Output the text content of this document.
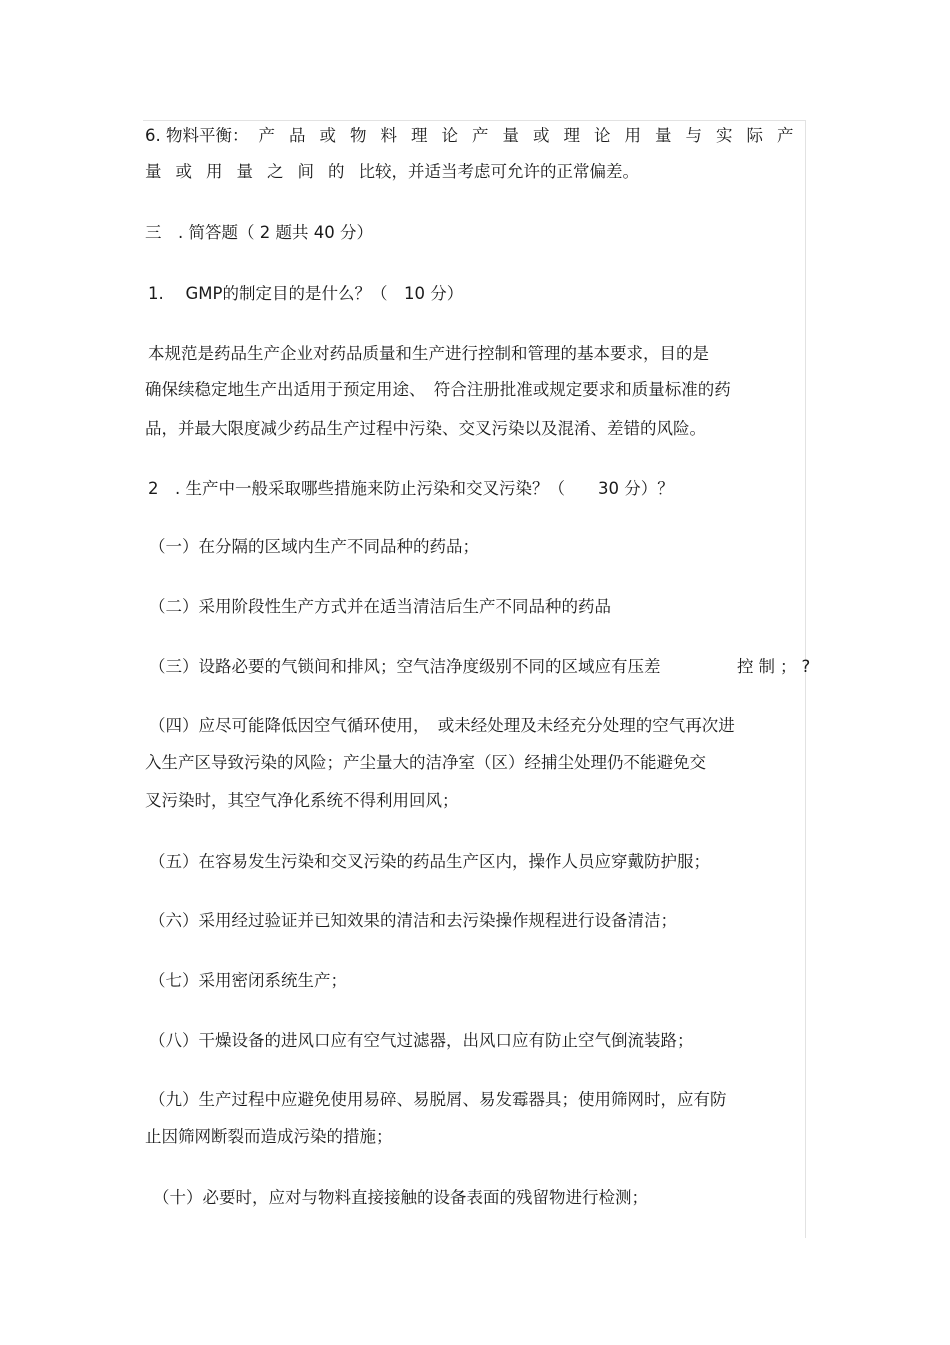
6. 物料平衡： 产品或物料理论产量或理论用量与实际产
量或用量之间的比较，并适当考虑可允许的正常偏差。
三　. 简答题（ 2 题共 40 分）
1.　 GMP的制定目的是什么？（　10 分）
本规范是药品生产企业对药品质量和生产进行控制和管理的基本要求，目的是
确保续稳定地生产出适用于预定用途、　符合注册批准或规定要求和质量标准的药
品，并最大限度减少药品生产过程中污染、交叉污染以及混淆、差错的风险。
2　. 生产中一般采取哪些措施来防止污染和交叉污染？（　　30 分）？
（一）在分隔的区域内生产不同品种的药品；
（二）采用阶段性生产方式并在适当清洁后生产不同品种的药品
（三）设路必要的气锁间和排风；空气洁净度级别不同的区域应有压差	控制；?
（四）应尽可能降低因空气循环使用，　或未经处理及未经充分处理的空气再次进
入生产区导致污染的风险；产尘量大的洁净室（区）经捕尘处理仍不能避免交
叉污染时，其空气净化系统不得利用回风；
（五）在容易发生污染和交叉污染的药品生产区内，操作人员应穿戴防护服；
（六）采用经过验证并已知效果的清洁和去污染操作规程进行设备清洁；
（七）采用密闭系统生产；
（八）干燥设备的进风口应有空气过滤器，出风口应有防止空气倒流装路；
（九）生产过程中应避免使用易碎、易脱屑、易发霉器具；使用筛网时，应有防
止因筛网断裂而造成污染的措施；
（十）必要时，应对与物料直接接触的设备表面的残留物进行检测；
